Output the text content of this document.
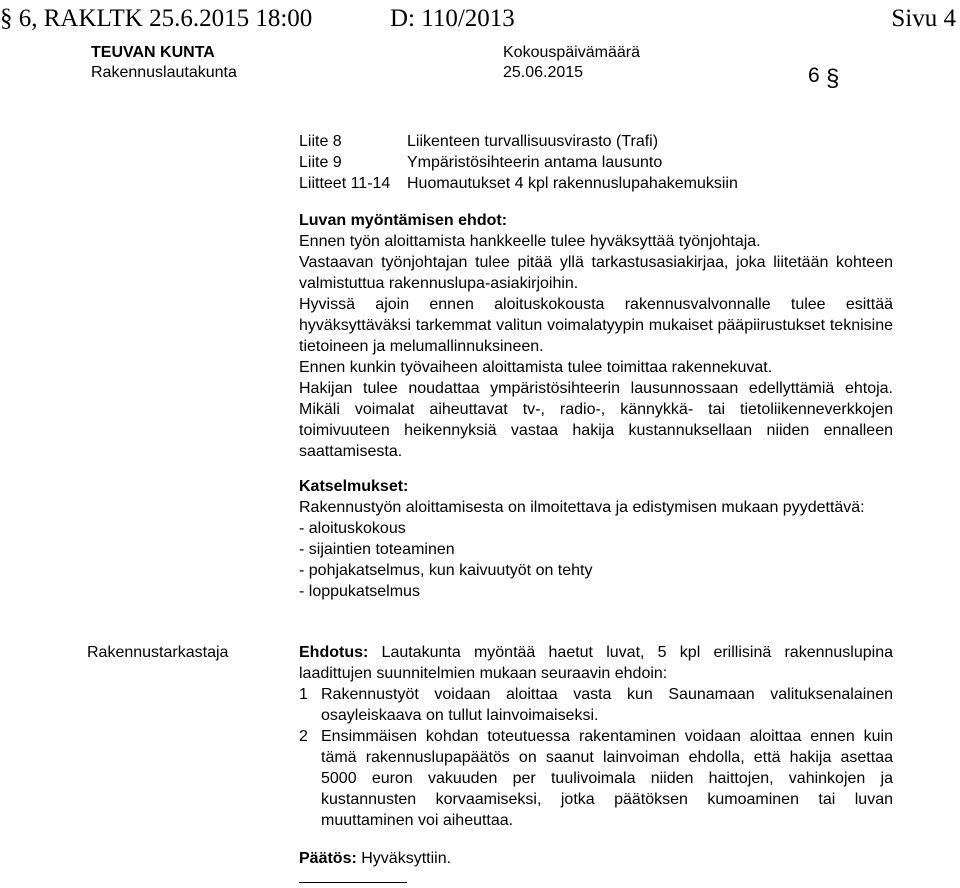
§ 6, RAKLTK 25.6.2015 18:00	D: 110/2013	Sivu 4
TEUVAN KUNTA
Rakennuslautakunta
Kokouspäivämäärä
25.06.2015	6 §
Liite 8	Liikenteen turvallisuusvirasto (Trafi)
Liite 9	Ympäristösihteerin antama lausunto
Liitteet 11-14 Huomautukset 4 kpl rakennuslupahakemuksiin

Luvan myöntämisen ehdot:

Ennen työn aloittamista hankkeelle tulee hyväksyttää työnjohtaja.

Vastaavan työnjohtajan tulee pitää yllä tarkastusasiakirjaa, joka liitetään kohteen valmistuttua rakennuslupa-asiakirjoihin.

Hyvissä ajoin ennen aloituskokousta rakennusvalvonnalle tulee esittää hyväksyttäväksi tarkemmat valitun voimalatyypin mukaiset pääpiirustukset teknisine tietoineen ja melumallinnuksineen.

Ennen kunkin työvaiheen aloittamista tulee toimittaa rakennekuvat.

Hakijan tulee noudattaa ympäristösihteerin lausunnossaan edellyttämiä ehtoja. Mikäli voimalat aiheuttavat tv-, radio-, kännykkä- tai tietoliikenneverkkojen toimivuuteen heikennyksiä vastaa hakija kustannuksellaan niiden ennalleen saattamisesta.

Katselmukset:

Rakennustyön aloittamisesta on ilmoitettava ja edistymisen mukaan pyydettävä:

- aloituskokous

- sijaintien toteaminen

- pohjakatselmus, kun kaivuutyöt on tehty

- loppukatselmus

Rakennustarkastaja	Ehdotus: Lautakunta myöntää haetut luvat, 5 kpl erillisinä rakennuslupina laadittujen suunnitelmien mukaan seuraavin ehdoin:

1 Rakennustyöt voidaan aloittaa vasta kun Saunamaan valituksenalainen osayleiskaava on tullut lainvoimaiseksi.
2 Ensimmäisen kohdan toteutuessa rakentaminen voidaan aloittaa ennen kuin tämä rakennuslupapäätös on saanut lainvoiman ehdolla, että hakija asettaa 5000 euron vakuuden per tuulivoimala niiden haittojen, vahinkojen ja kustannusten korvaamiseksi, jotka päätöksen kumoaminen tai luvan muuttaminen voi aiheuttaa.

Päätös: Hyväksyttiin.
